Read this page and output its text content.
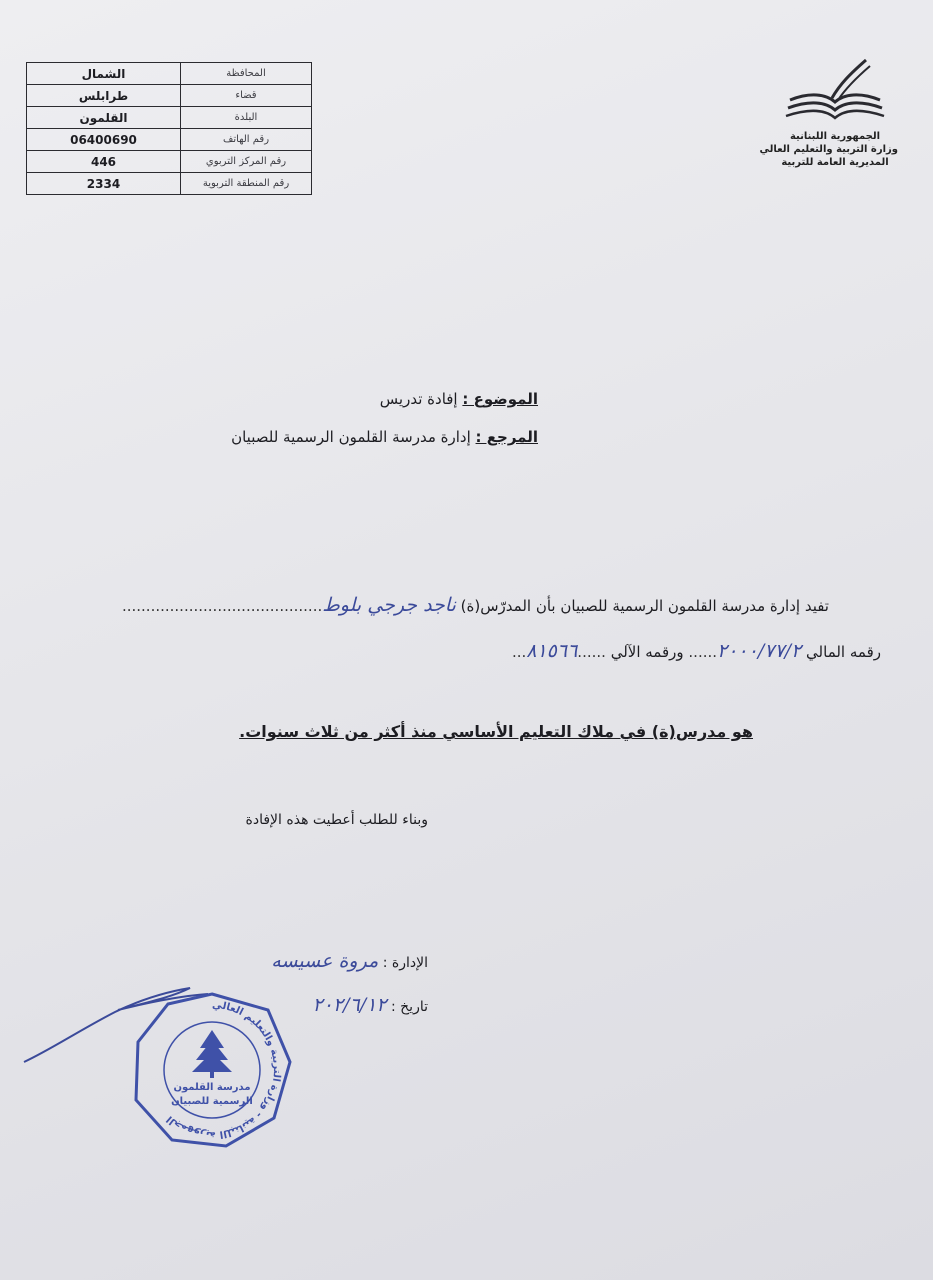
المحافظة	الشمال
قضاء	طرابلس
البلدة	القلمون
رقم الهاتف	06400690
رقم المركز التربوي	446
رقم المنطقة التربوية	2334
الجمهورية اللبنانية
وزارة التربية والتعليم العالي
المديرية العامة للتربية
الموضوع : إفادة تدريس
المرجع : إدارة مدرسة القلمون الرسمية للصبيان
تفيد إدارة مدرسة القلمون الرسمية للصبيان بأن المدرّس(ة) ناجد جرجي بلوط..........................................
رقمه المالي ٢٠٠٠/٧٧/٢...... ورقمه الآلي ......٨١٥٦٦...
هو مدرس(ة) في ملاك التعليم الأساسي منذ أكثر من ثلاث سنوات.
وبناء للطلب أعطيت هذه الإفادة
الإدارة : مروة عسيسه
تاريخ : ٢٠٢/٦/١٢
الجمهورية اللبنانية - وزارة التربية والتعليم العالي
مدرسة القلمون
الرسمية للصبيان
